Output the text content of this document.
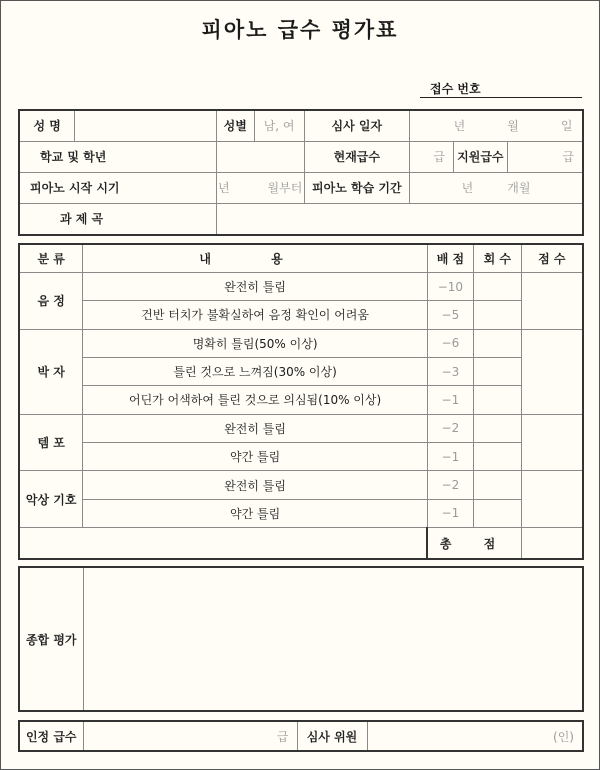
피아노 급수 평가표
접수 번호
성 명		성별	남, 여	심사 일자	년 월 일		
학교 및 학년				현재급수	급	지원급수	급
피아노 시작 시기		년 월부터		피아노 학습 기간	년 개월		
과 제 곡							
분 류	내 용	배 점	회 수	점 수
음 정	완전히 틀림	−10		
	건반 터치가 불확실하여 음정 확인이 어려움	−5		
박 자	명확히 틀림(50% 이상)	−6		
	틀린 것으로 느껴짐(30% 이상)	−3		
	어딘가 어색하여 틀린 것으로 의심됨(10% 이상)	−1		
템 포	완전히 틀림	−2		
	약간 틀림	−1		
악상 기호	완전히 틀림	−2		
	약간 틀림	−1		
		총 점		
종합 평가	
인정 급수	급	심사 위원	(인)
